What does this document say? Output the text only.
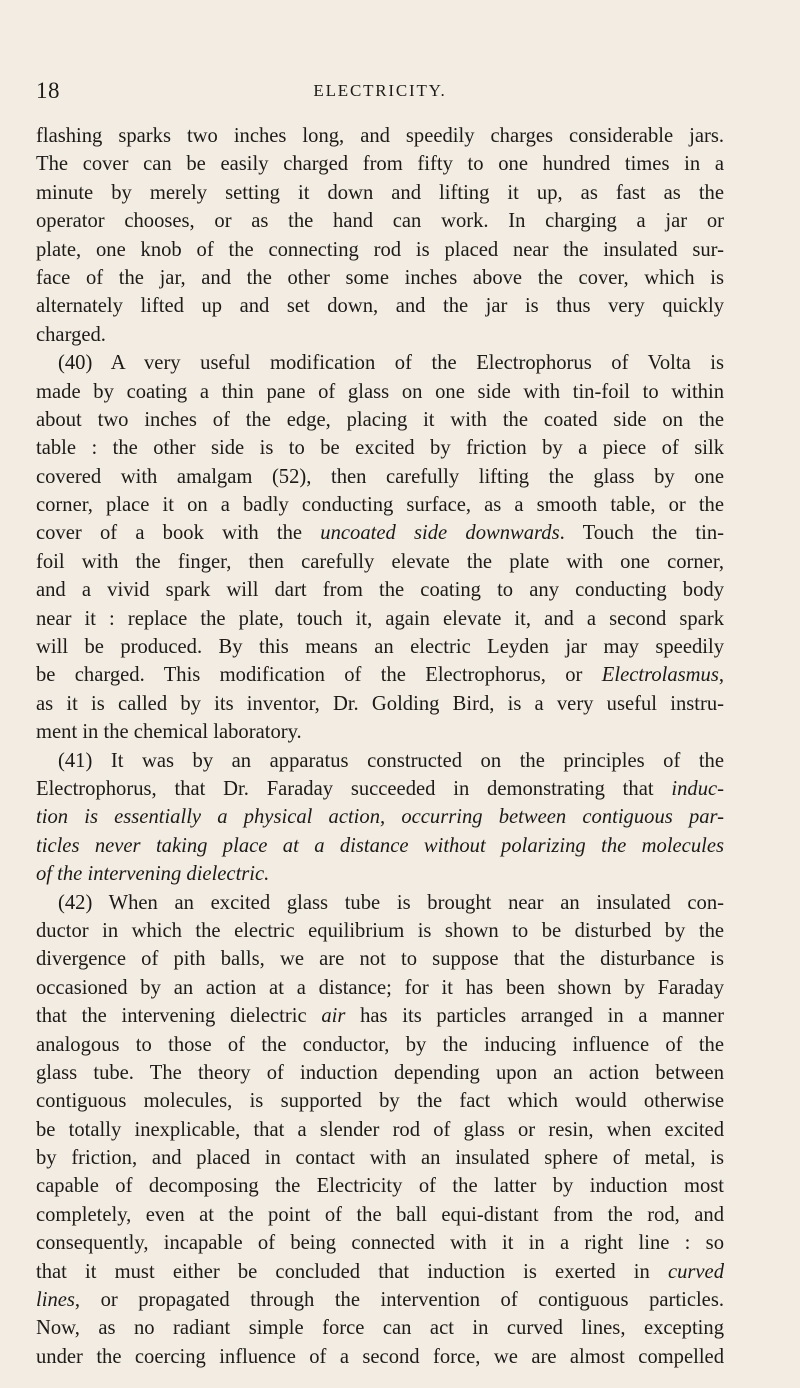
18	ELECTRICITY.
flashing sparks two inches long, and speedily charges considerable jars.
The cover can be easily charged from fifty to one hundred times in a
minute by merely setting it down and lifting it up, as fast as the
operator chooses, or as the hand can work. In charging a jar or
plate, one knob of the connecting rod is placed near the insulated sur-
face of the jar, and the other some inches above the cover, which is
alternately lifted up and set down, and the jar is thus very quickly
charged.
(40) A very useful modification of the Electrophorus of Volta is
made by coating a thin pane of glass on one side with tin-foil to within
about two inches of the edge, placing it with the coated side on the
table : the other side is to be excited by friction by a piece of silk
covered with amalgam (52), then carefully lifting the glass by one
corner, place it on a badly conducting surface, as a smooth table, or the
cover of a book with the uncoated side downwards. Touch the tin-
foil with the finger, then carefully elevate the plate with one corner,
and a vivid spark will dart from the coating to any conducting body
near it : replace the plate, touch it, again elevate it, and a second spark
will be produced. By this means an electric Leyden jar may speedily
be charged. This modification of the Electrophorus, or Electrolasmus,
as it is called by its inventor, Dr. Golding Bird, is a very useful instru-
ment in the chemical laboratory.
(41) It was by an apparatus constructed on the principles of the
Electrophorus, that Dr. Faraday succeeded in demonstrating that induc-
tion is essentially a physical action, occurring between contiguous par-
ticles never taking place at a distance without polarizing the molecules
of the intervening dielectric.
(42) When an excited glass tube is brought near an insulated con-
ductor in which the electric equilibrium is shown to be disturbed by the
divergence of pith balls, we are not to suppose that the disturbance is
occasioned by an action at a distance; for it has been shown by Faraday
that the intervening dielectric air has its particles arranged in a manner
analogous to those of the conductor, by the inducing influence of the
glass tube. The theory of induction depending upon an action between
contiguous molecules, is supported by the fact which would otherwise
be totally inexplicable, that a slender rod of glass or resin, when excited
by friction, and placed in contact with an insulated sphere of metal, is
capable of decomposing the Electricity of the latter by induction most
completely, even at the point of the ball equi-distant from the rod, and
consequently, incapable of being connected with it in a right line : so
that it must either be concluded that induction is exerted in curved
lines, or propagated through the intervention of contiguous particles.
Now, as no radiant simple force can act in curved lines, excepting
under the coercing influence of a second force, we are almost compelled
